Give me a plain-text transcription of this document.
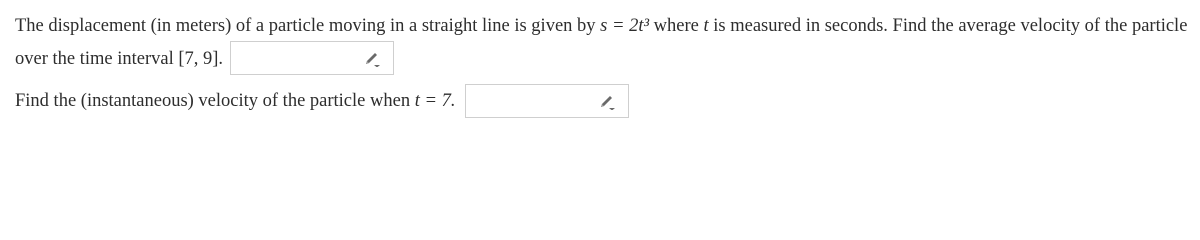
The displacement (in meters) of a particle moving in a straight line is given by s = 2t³ where t is measured in seconds. Find the average velocity of the particle
over the time interval [7, 9].
Find the (instantaneous) velocity of the particle when t = 7.
